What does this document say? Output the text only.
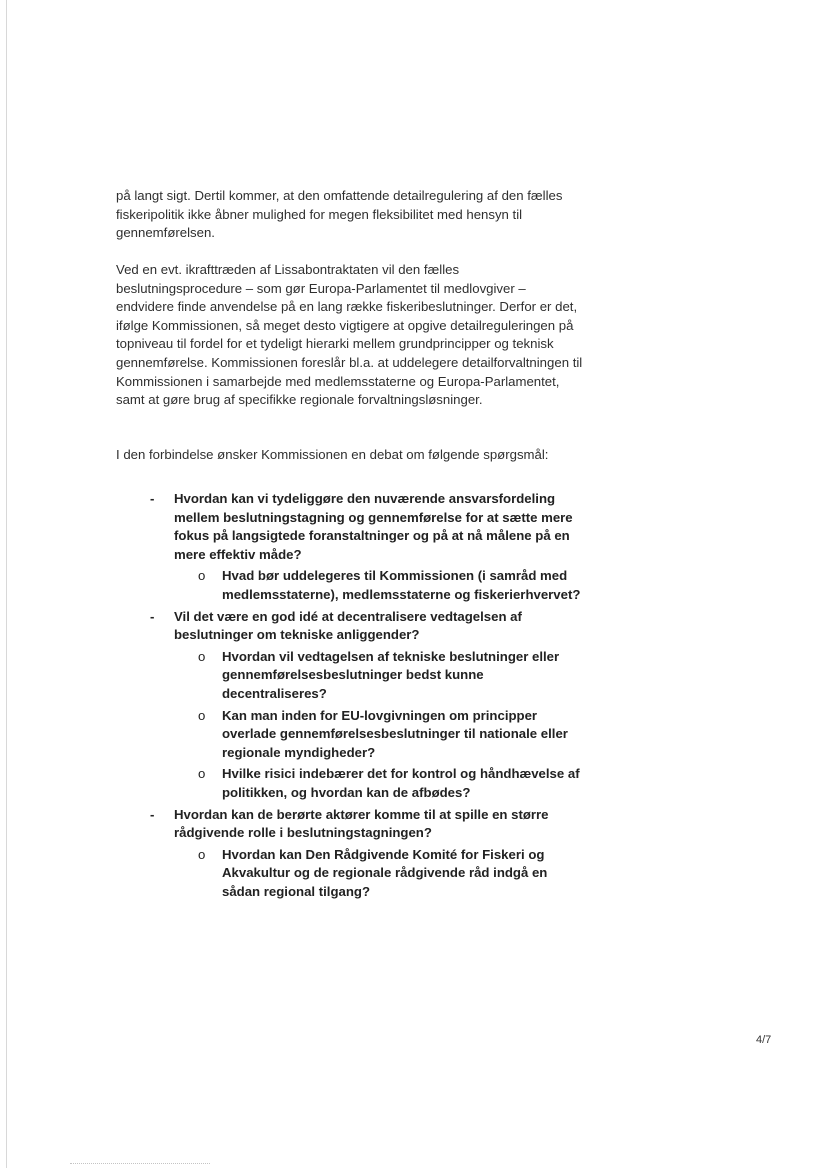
på langt sigt. Dertil kommer, at den omfattende detailregulering af den fælles fiskeripolitik ikke åbner mulighed for megen fleksibilitet med hensyn til gennemførelsen.

Ved en evt. ikrafttræden af Lissabontraktaten vil den fælles beslutningsprocedure – som gør Europa-Parlamentet til medlovgiver – endvidere finde anvendelse på en lang række fiskeribeslutninger. Derfor er det, ifølge Kommissionen, så meget desto vigtigere at opgive detailreguleringen på topniveau til fordel for et tydeligt hierarki mellem grundprincipper og teknisk gennemførelse. Kommissionen foreslår bl.a. at uddelegere detailforvaltningen til Kommissionen i samarbejde med medlemsstaterne og Europa-Parlamentet, samt at gøre brug af specifikke regionale forvaltningsløsninger.

I den forbindelse ønsker Kommissionen en debat om følgende spørgsmål:

- Hvordan kan vi tydeliggøre den nuværende ansvarsfordeling mellem beslutningstagning og gennemførelse for at sætte mere fokus på langsigtede foranstaltninger og på at nå målene på en mere effektiv måde?
o Hvad bør uddelegeres til Kommissionen (i samråd med medlemsstaterne), medlemsstaterne og fiskerierhvervet?
- Vil det være en god idé at decentralisere vedtagelsen af beslutninger om tekniske anliggender?
o Hvordan vil vedtagelsen af tekniske beslutninger eller gennemførelsesbeslutninger bedst kunne decentraliseres?
o Kan man inden for EU-lovgivningen om principper overlade gennemførelsesbeslutninger til nationale eller regionale myndigheder?
o Hvilke risici indebærer det for kontrol og håndhævelse af politikken, og hvordan kan de afbødes?
- Hvordan kan de berørte aktører komme til at spille en større rådgivende rolle i beslutningstagningen?
o Hvordan kan Den Rådgivende Komité for Fiskeri og Akvakultur og de regionale rådgivende råd indgå en sådan regional tilgang?
4/7
